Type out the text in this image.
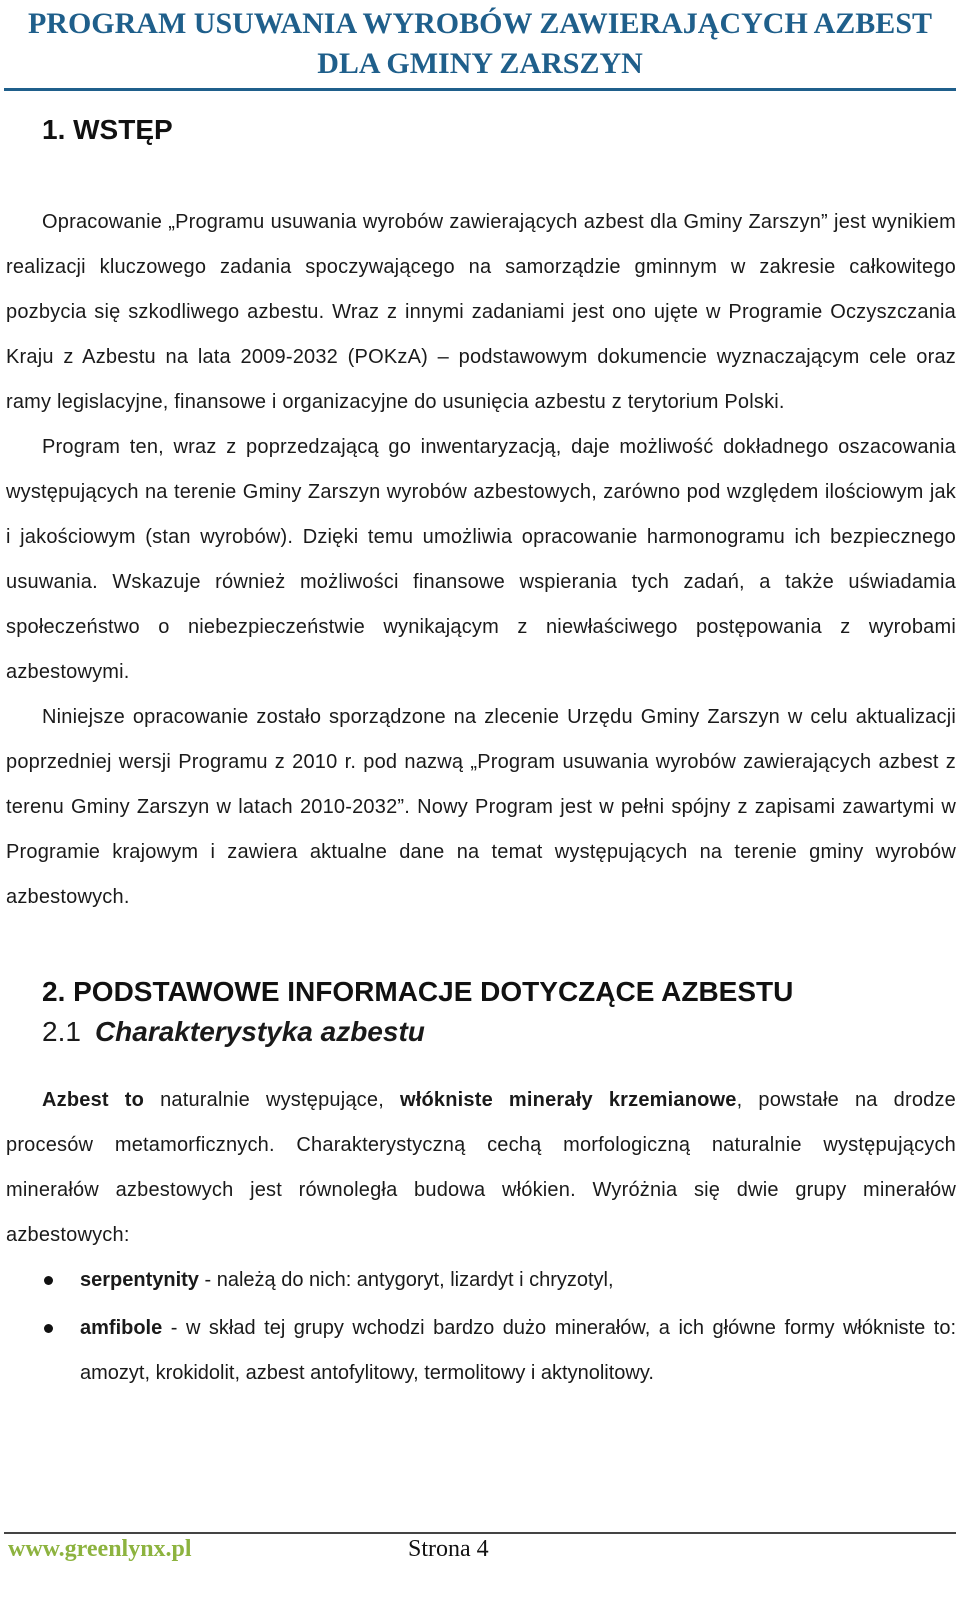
PROGRAM USUWANIA WYROBÓW ZAWIERAJĄCYCH AZBEST
DLA GMINY ZARSZYN
1. WSTĘP

Opracowanie „Programu usuwania wyrobów zawierających azbest dla Gminy Zarszyn” jest wynikiem realizacji kluczowego zadania spoczywającego na samorządzie gminnym w zakresie całkowitego pozbycia się szkodliwego azbestu. Wraz z innymi zadaniami jest ono ujęte w Programie Oczyszczania Kraju z Azbestu na lata 2009-2032 (POKzA) – podstawowym dokumencie wyznaczającym cele oraz ramy legislacyjne, finansowe i organizacyjne do usunięcia azbestu z terytorium Polski.

Program ten, wraz z poprzedzającą go inwentaryzacją, daje możliwość dokładnego oszacowania występujących na terenie Gminy Zarszyn wyrobów azbestowych, zarówno pod względem ilościowym jak i jakościowym (stan wyrobów). Dzięki temu umożliwia opracowanie harmonogramu ich bezpiecznego usuwania. Wskazuje również możliwości finansowe wspierania tych zadań, a także uświadamia społeczeństwo o niebezpieczeństwie wynikającym z niewłaściwego postępowania z wyrobami azbestowymi.

Niniejsze opracowanie zostało sporządzone na zlecenie Urzędu Gminy Zarszyn w celu aktualizacji poprzedniej wersji Programu z 2010 r. pod nazwą „Program usuwania wyrobów zawierających azbest z terenu Gminy Zarszyn w latach 2010-2032”. Nowy Program jest w pełni spójny z zapisami zawartymi w Programie krajowym i zawiera aktualne dane na temat występujących na terenie gminy wyrobów azbestowych.

2. PODSTAWOWE INFORMACJE DOTYCZĄCE AZBESTU
2.1 Charakterystyka azbestu

Azbest to naturalnie występujące, włókniste minerały krzemianowe, powstałe na drodze procesów metamorficznych. Charakterystyczną cechą morfologiczną naturalnie występujących minerałów azbestowych jest równoległa budowa włókien. Wyróżnia się dwie grupy minerałów azbestowych:

serpentynity - należą do nich: antygoryt, lizardyt i chryzotyl,
amfibole - w skład tej grupy wchodzi bardzo dużo minerałów, a ich główne formy włókniste to: amozyt, krokidolit, azbest antofylitowy, termolitowy i aktynolitowy.
www.greenlynx.pl	Strona 4
